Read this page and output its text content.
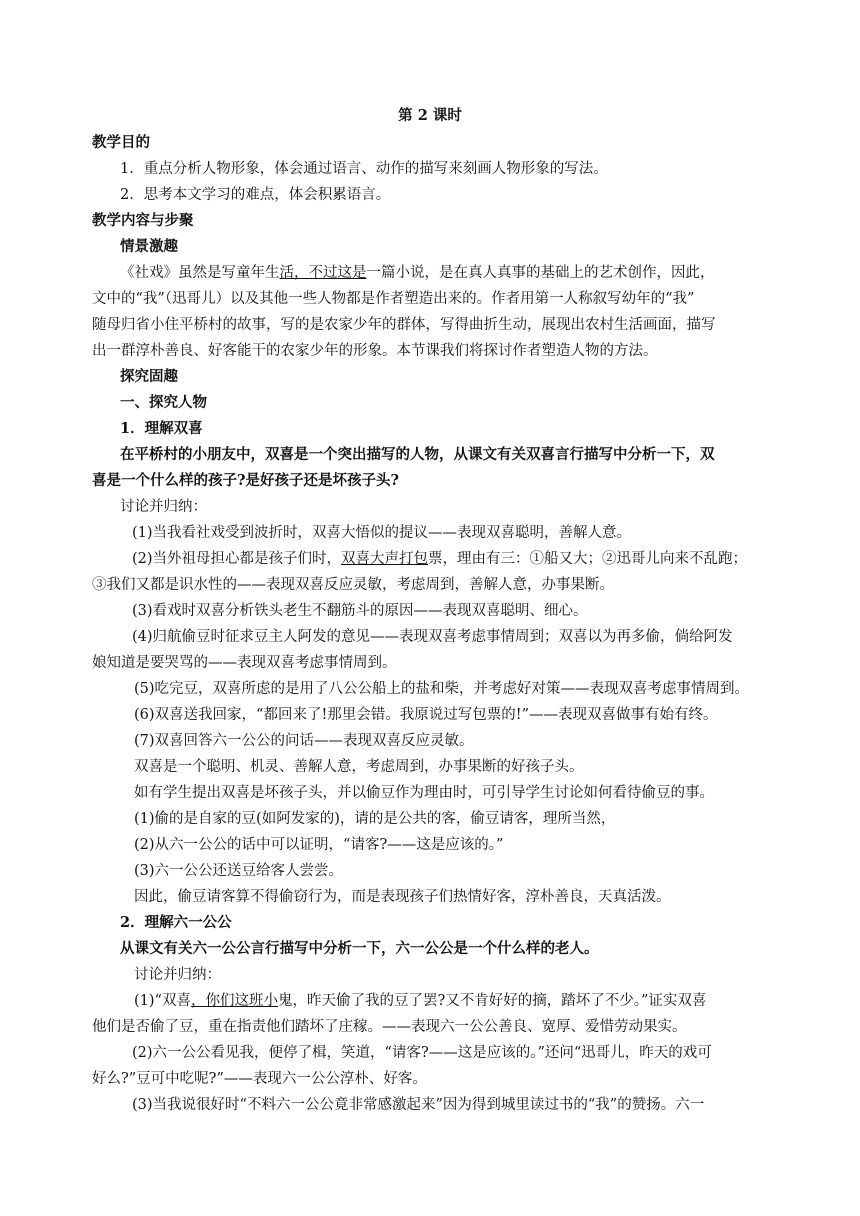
第 2 课时
教学目的
1．重点分析人物形象，体会通过语言、动作的描写来刻画人物形象的写法。
2．思考本文学习的难点，体会积累语言。
教学内容与步聚
情景激趣
《社戏》虽然是写童年生活，不过这是一篇小说，是在真人真事的基础上的艺术创作，因此，
文中的“我”（迅哥儿）以及其他一些人物都是作者塑造出来的。作者用第一人称叙写幼年的“我”
随母归省小住平桥村的故事，写的是农家少年的群体，写得曲折生动，展现出农村生活画面，描写
出一群淳朴善良、好客能干的农家少年的形象。本节课我们将探讨作者塑造人物的方法。
探究固趣
一、探究人物
1．理解双喜
在平桥村的小朋友中，双喜是一个突出描写的人物，从课文有关双喜言行描写中分析一下，双
喜是一个什么样的孩子?是好孩子还是坏孩子头?
讨论并归纳：
(1)当我看社戏受到波折时，双喜大悟似的提议——表现双喜聪明，善解人意。
(2)当外祖母担心都是孩子们时，双喜大声打包票，理由有三：①船又大；②迅哥儿向来不乱跑；
③我们又都是识水性的——表现双喜反应灵敏，考虑周到，善解人意，办事果断。
(3)看戏时双喜分析铁头老生不翻筋斗的原因——表现双喜聪明、细心。
(4)归航偷豆时征求豆主人阿发的意见——表现双喜考虑事情周到；双喜以为再多偷，倘给阿发
娘知道是要哭骂的——表现双喜考虑事情周到。
(5)吃完豆，双喜所虑的是用了八公公船上的盐和柴，并考虑好对策——表现双喜考虑事情周到。
(6)双喜送我回家，“都回来了!那里会错。我原说过写包票的!”——表现双喜做事有始有终。
(7)双喜回答六一公公的问话——表现双喜反应灵敏。
双喜是一个聪明、机灵、善解人意，考虑周到，办事果断的好孩子头。
如有学生提出双喜是坏孩子头，并以偷豆作为理由时，可引导学生讨论如何看待偷豆的事。
(1)偷的是自家的豆(如阿发家的)，请的是公共的客，偷豆请客，理所当然，
(2)从六一公公的话中可以证明，“请客?——这是应该的。”
(3)六一公公还送豆给客人尝尝。
因此，偷豆请客算不得偷窃行为，而是表现孩子们热情好客，淳朴善良，天真活泼。
2．理解六一公公
从课文有关六一公公言行描写中分析一下，六一公公是一个什么样的老人。
讨论并归纳：
(1)“双喜，你们这班小鬼，昨天偷了我的豆了罢?又不肯好好的摘，踏坏了不少。”证实双喜
他们是否偷了豆，重在指责他们踏坏了庄稼。——表现六一公公善良、宽厚、爱惜劳动果实。
(2)六一公公看见我，便停了楫，笑道，“请客?——这是应该的。”还问“迅哥儿，昨天的戏可
好么?”豆可中吃呢?”——表现六一公公淳朴、好客。
(3)当我说很好时“不料六一公公竟非常感激起来”因为得到城里读过书的“我”的赞扬。六一
